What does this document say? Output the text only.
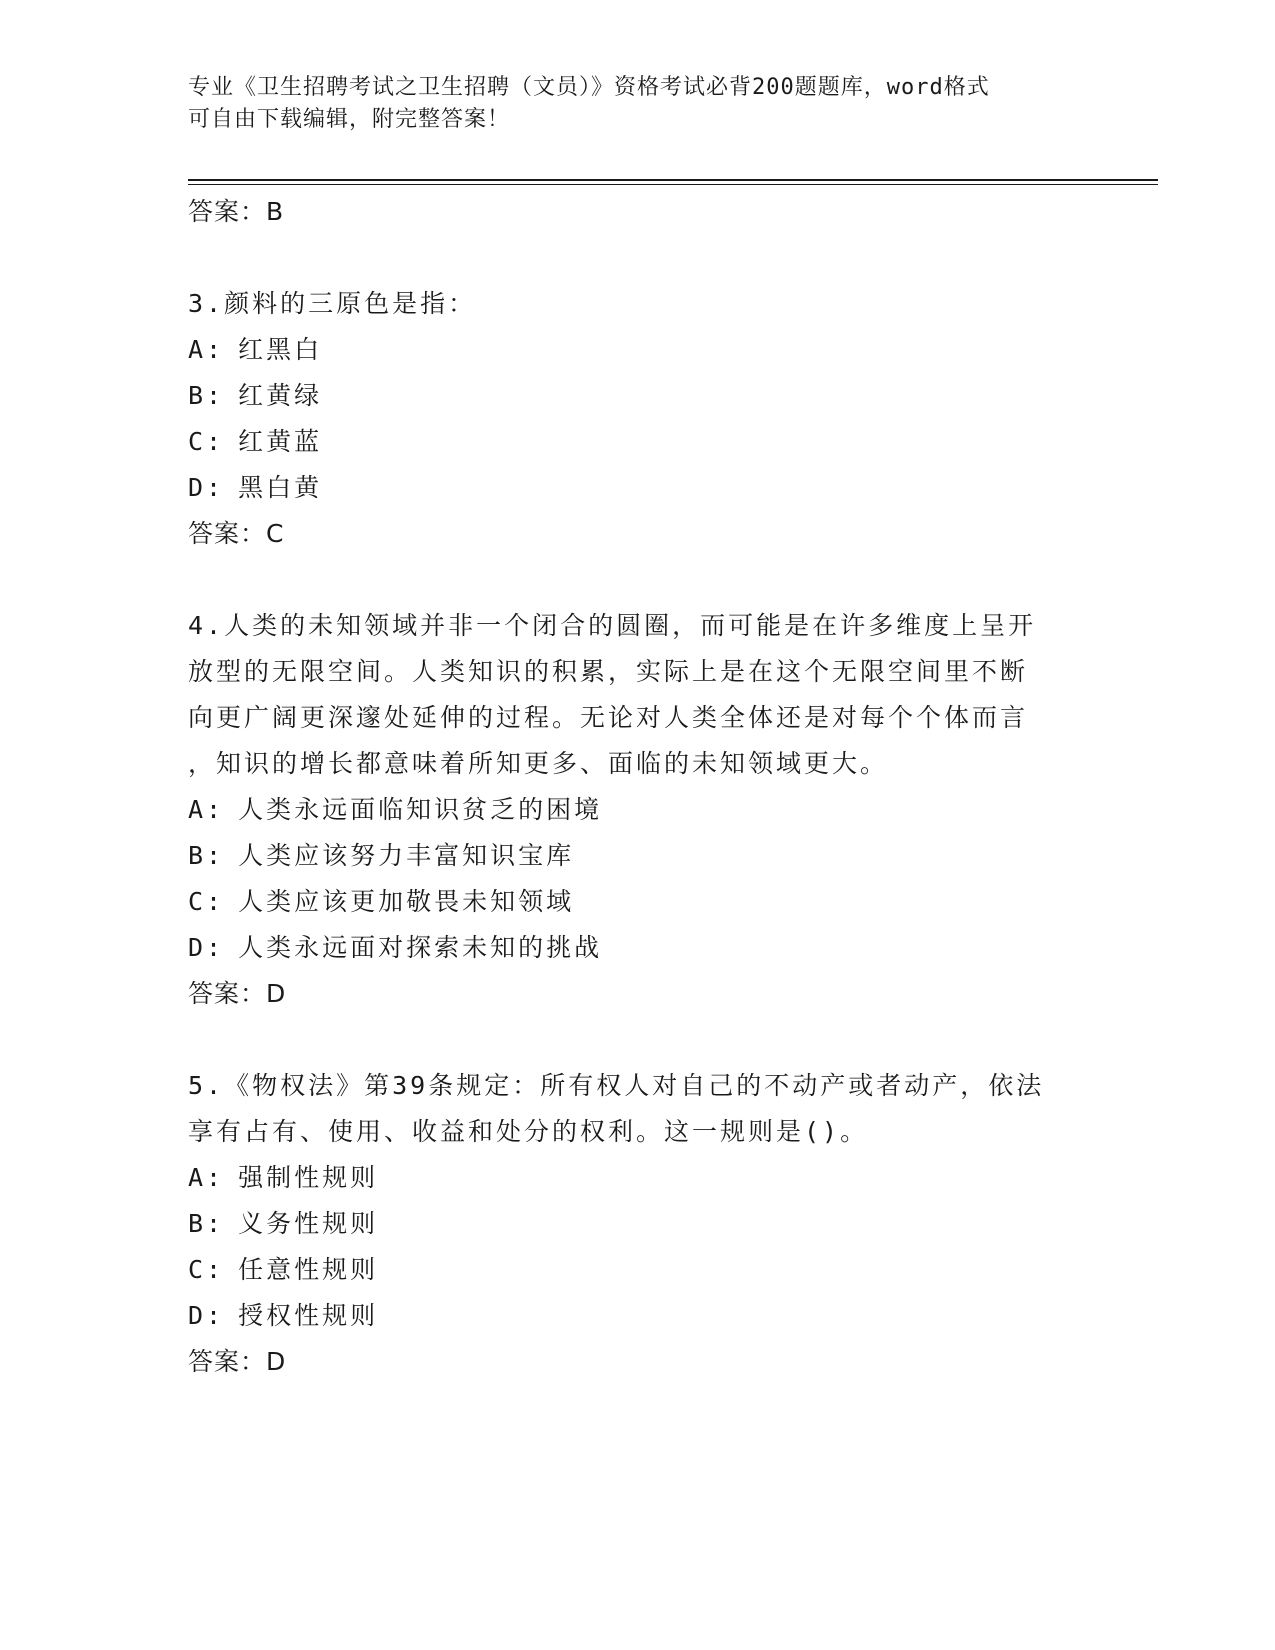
专业《卫生招聘考试之卫生招聘（文员）》资格考试必背200题题库，word格式
可自由下载编辑，附完整答案！
答案：B
3.颜料的三原色是指：
A: 红黑白
B: 红黄绿
C: 红黄蓝
D: 黑白黄
答案：C
4.人类的未知领域并非一个闭合的圆圈，而可能是在许多维度上呈开
放型的无限空间。人类知识的积累，实际上是在这个无限空间里不断
向更广阔更深邃处延伸的过程。无论对人类全体还是对每个个体而言
，知识的增长都意味着所知更多、面临的未知领域更大。
A: 人类永远面临知识贫乏的困境
B: 人类应该努力丰富知识宝库
C: 人类应该更加敬畏未知领域
D: 人类永远面对探索未知的挑战
答案：D
5.《物权法》第39条规定：所有权人对自己的不动产或者动产，依法
享有占有、使用、收益和处分的权利。这一规则是()。
A: 强制性规则
B: 义务性规则
C: 任意性规则
D: 授权性规则
答案：D
